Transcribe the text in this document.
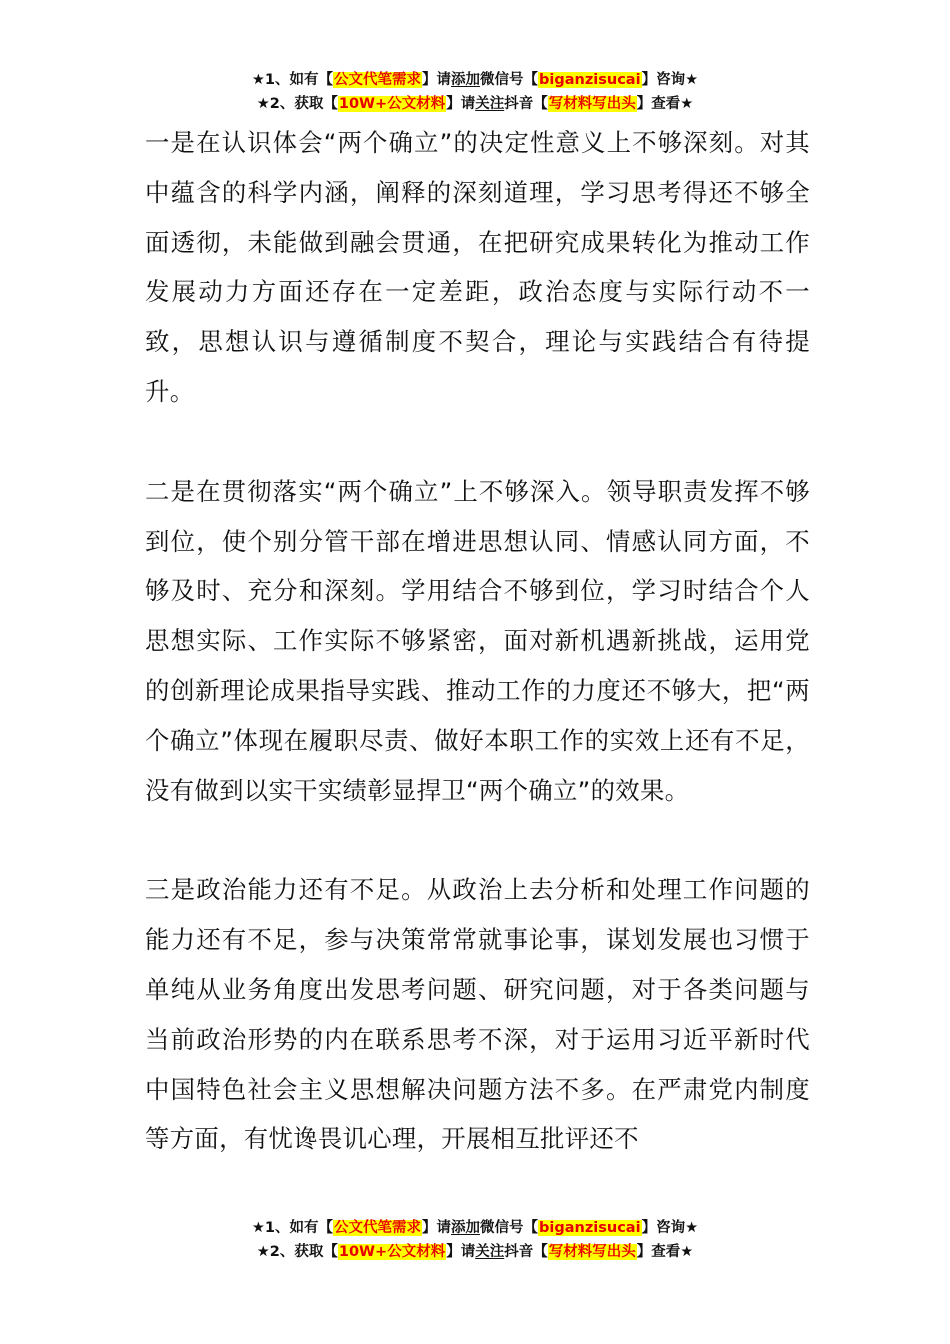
★1、如有【公文代笔需求】请添加微信号【biganzisucai】咨询★
★2、获取【10W+公文材料】请关注抖音【写材料写出头】查看★

一是在认识体会“两个确立”的决定性意义上不够深刻。对其中蕴含的科学内涵，阐释的深刻道理，学习思考得还不够全面透彻，未能做到融会贯通，在把研究成果转化为推动工作发展动力方面还存在一定差距，政治态度与实际行动不一致，思想认识与遵循制度不契合，理论与实践结合有待提升。

二是在贯彻落实“两个确立”上不够深入。领导职责发挥不够到位，使个别分管干部在增进思想认同、情感认同方面，不够及时、充分和深刻。学用结合不够到位，学习时结合个人思想实际、工作实际不够紧密，面对新机遇新挑战，运用党的创新理论成果指导实践、推动工作的力度还不够大，把“两个确立”体现在履职尽责、做好本职工作的实效上还有不足，没有做到以实干实绩彰显捍卫“两个确立”的效果。

三是政治能力还有不足。从政治上去分析和处理工作问题的能力还有不足，参与决策常常就事论事，谋划发展也习惯于单纯从业务角度出发思考问题、研究问题，对于各类问题与当前政治形势的内在联系思考不深，对于运用习近平新时代中国特色社会主义思想解决问题方法不多。在严肃党内制度等方面，有忧谗畏讥心理，开展相互批评还不

★1、如有【公文代笔需求】请添加微信号【biganzisucai】咨询★
★2、获取【10W+公文材料】请关注抖音【写材料写出头】查看★
